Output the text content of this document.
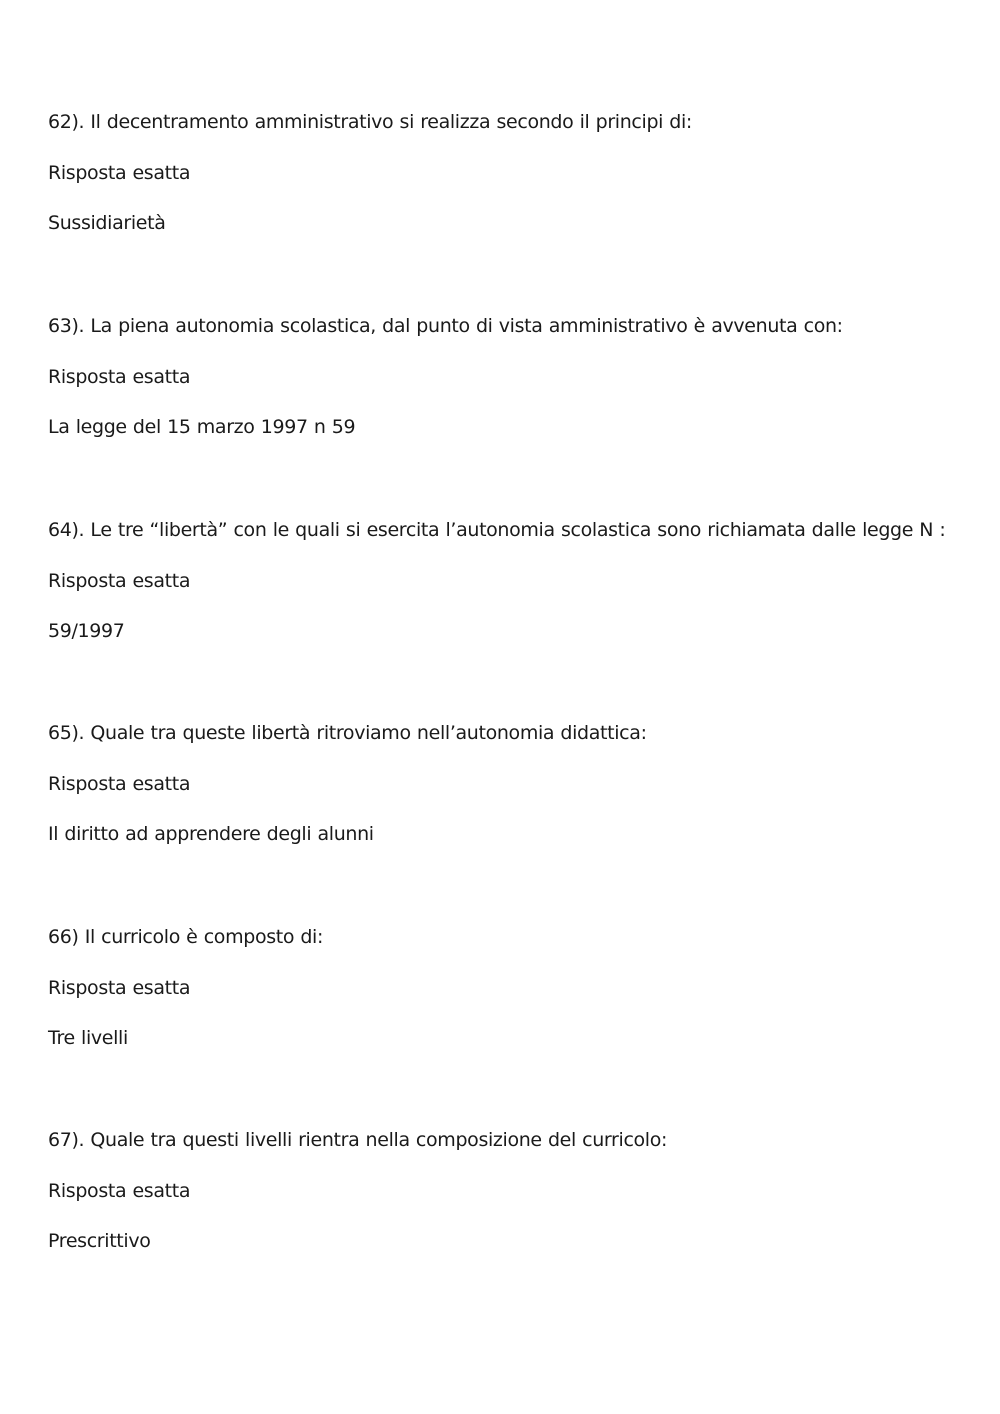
62). Il decentramento amministrativo si realizza secondo il principi di:
Risposta esatta
Sussidiarietà
63). La piena autonomia scolastica, dal punto di vista amministrativo è avvenuta con:
Risposta esatta
La legge del 15 marzo 1997 n 59
64). Le tre “libertà” con le quali si esercita l’autonomia scolastica sono richiamata dalle legge N :
Risposta esatta
59/1997
65). Quale tra queste libertà ritroviamo nell’autonomia didattica:
Risposta esatta
Il diritto ad apprendere degli alunni
66) Il curricolo è composto di:
Risposta esatta
Tre livelli
67). Quale tra questi livelli rientra nella composizione del curricolo:
Risposta esatta
Prescrittivo
